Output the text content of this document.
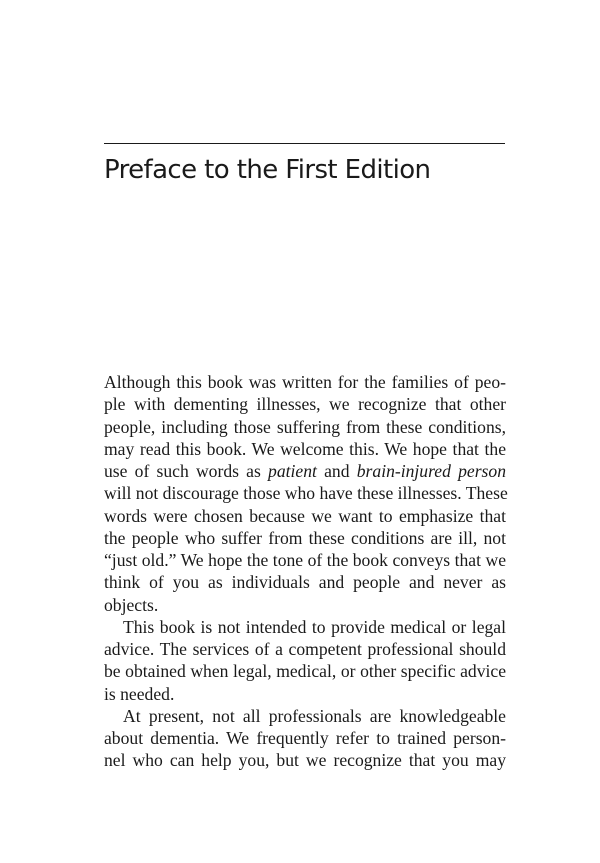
Preface to the First Edition
Although this book was written for the families of peo-
ple with dementing illnesses, we recognize that other
people, including those suffering from these conditions,
may read this book. We welcome this. We hope that the
use of such words as patient and brain-injured person
will not discourage those who have these illnesses. These
words were chosen because we want to emphasize that
the people who suffer from these conditions are ill, not
“just old.” We hope the tone of the book conveys that we
think of you as individuals and people and never as
objects.
This book is not intended to provide medical or legal
advice. The services of a competent professional should
be obtained when legal, medical, or other specific advice
is needed.
At present, not all professionals are knowledgeable
about dementia. We frequently refer to trained person-
nel who can help you, but we recognize that you may
